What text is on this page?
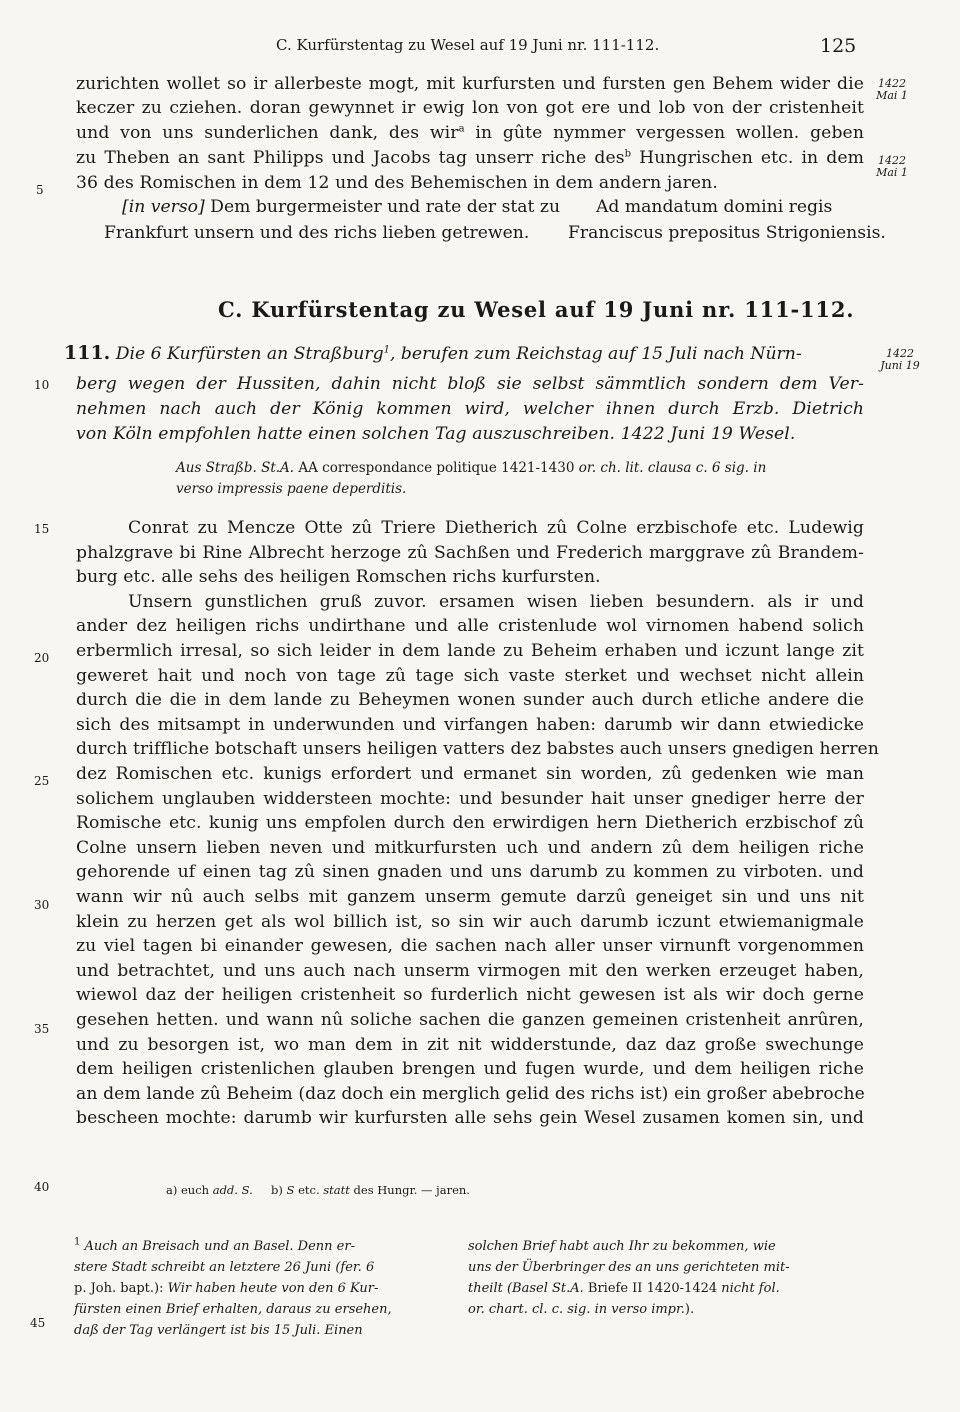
C. Kurfürstentag zu Wesel auf 19 Juni nr. 111-112.	125
1422
Mai 1
1422
Mai 1
1422
Juni 19
5
10
15
20
25
30
35
40
45
zurichten wollet so ir allerbeste mogt, mit kurfursten und fursten gen Behem wider die
keczer zu cziehen. doran gewynnet ir ewig lon von got ere und lob von der cristenheit
und von uns sunderlichen dank, des wir$^a$ in gûte nymmer vergessen wollen. geben
zu Theben an sant Philipps und Jacobs tag unserr riche des$^b$ Hungrischen etc. in dem
36 des Romischen in dem 12 und des Behemischen in dem andern jaren.
[in verso] Dem burgermeister und rate der stat zu
Frankfurt unsern und des richs lieben getrewen.
Ad mandatum domini regis
Franciscus prepositus Strigoniensis.
C. Kurfürstentag zu Wesel auf 19 Juni nr. 111-112.
111. Die 6 Kurfürsten an Straßburg$^1$, berufen zum Reichstag auf 15 Juli nach Nürn-
berg wegen der Hussiten, dahin nicht bloß sie selbst sämmtlich sondern dem Ver-
nehmen nach auch der König kommen wird, welcher ihnen durch Erzb. Dietrich
von Köln empfohlen hatte einen solchen Tag auszuschreiben. 1422 Juni 19 Wesel.
Aus Straßb. St.A. AA correspondance politique 1421-1430 or. ch. lit. clausa c. 6 sig. in
verso impressis paene deperditis.
Conrat zu Mencze Otte zû Triere Dietherich zû Colne erzbischofe etc. Ludewig
phalzgrave bi Rine Albrecht herzoge zû Sachßen und Frederich marggrave zû Brandem-
burg etc. alle sehs des heiligen Romschen richs kurfursten.
Unsern gunstlichen gruß zuvor. ersamen wisen lieben besundern. als ir und
ander dez heiligen richs undirthane und alle cristenlude wol virnomen habend solich
erbermlich irresal, so sich leider in dem lande zu Beheim erhaben und iczunt lange zit
geweret hait und noch von tage zû tage sich vaste sterket und wechset nicht allein
durch die die in dem lande zu Beheymen wonen sunder auch durch etliche andere die
sich des mitsampt in underwunden und virfangen haben: darumb wir dann etwiedicke
durch triffliche botschaft unsers heiligen vatters dez babstes auch unsers gnedigen herren
dez Romischen etc. kunigs erfordert und ermanet sin worden, zû gedenken wie man
solichem unglauben widdersteen mochte: und besunder hait unser gnediger herre der
Romische etc. kunig uns empfolen durch den erwirdigen hern Dietherich erzbischof zû
Colne unsern lieben neven und mitkurfursten uch und andern zû dem heiligen riche
gehorende uf einen tag zû sinen gnaden und uns darumb zu kommen zu virboten. und
wann wir nû auch selbs mit ganzem unserm gemute darzû geneiget sin und uns nit
klein zu herzen get als wol billich ist, so sin wir auch darumb iczunt etwiemanigmale
zu viel tagen bi einander gewesen, die sachen nach aller unser virnunft vorgenommen
und betrachtet, und uns auch nach unserm virmogen mit den werken erzeuget haben,
wiewol daz der heiligen cristenheit so furderlich nicht gewesen ist als wir doch gerne
gesehen hetten. und wann nû soliche sachen die ganzen gemeinen cristenheit anrûren,
und zu besorgen ist, wo man dem in zit nit widderstunde, daz daz große swechunge
dem heiligen cristenlichen glauben brengen und fugen wurde, und dem heiligen riche
an dem lande zû Beheim (daz doch ein merglich gelid des richs ist) ein großer abebroche
bescheen mochte: darumb wir kurfursten alle sehs gein Wesel zusamen komen sin, und
a) euch add. S. b) S etc. statt des Hungr. — jaren.
$^1$ Auch an Breisach und an Basel. Denn er-
stere Stadt schreibt an letztere 26 Juni (fer. 6
p. Joh. bapt.): Wir haben heute von den 6 Kur-
fürsten einen Brief erhalten, daraus zu ersehen,
daß der Tag verlängert ist bis 15 Juli. Einen
solchen Brief habt auch Ihr zu bekommen, wie
uns der Überbringer des an uns gerichteten mit-
theilt (Basel St.A. Briefe II 1420-1424 nicht fol.
or. chart. cl. c. sig. in verso impr.).
